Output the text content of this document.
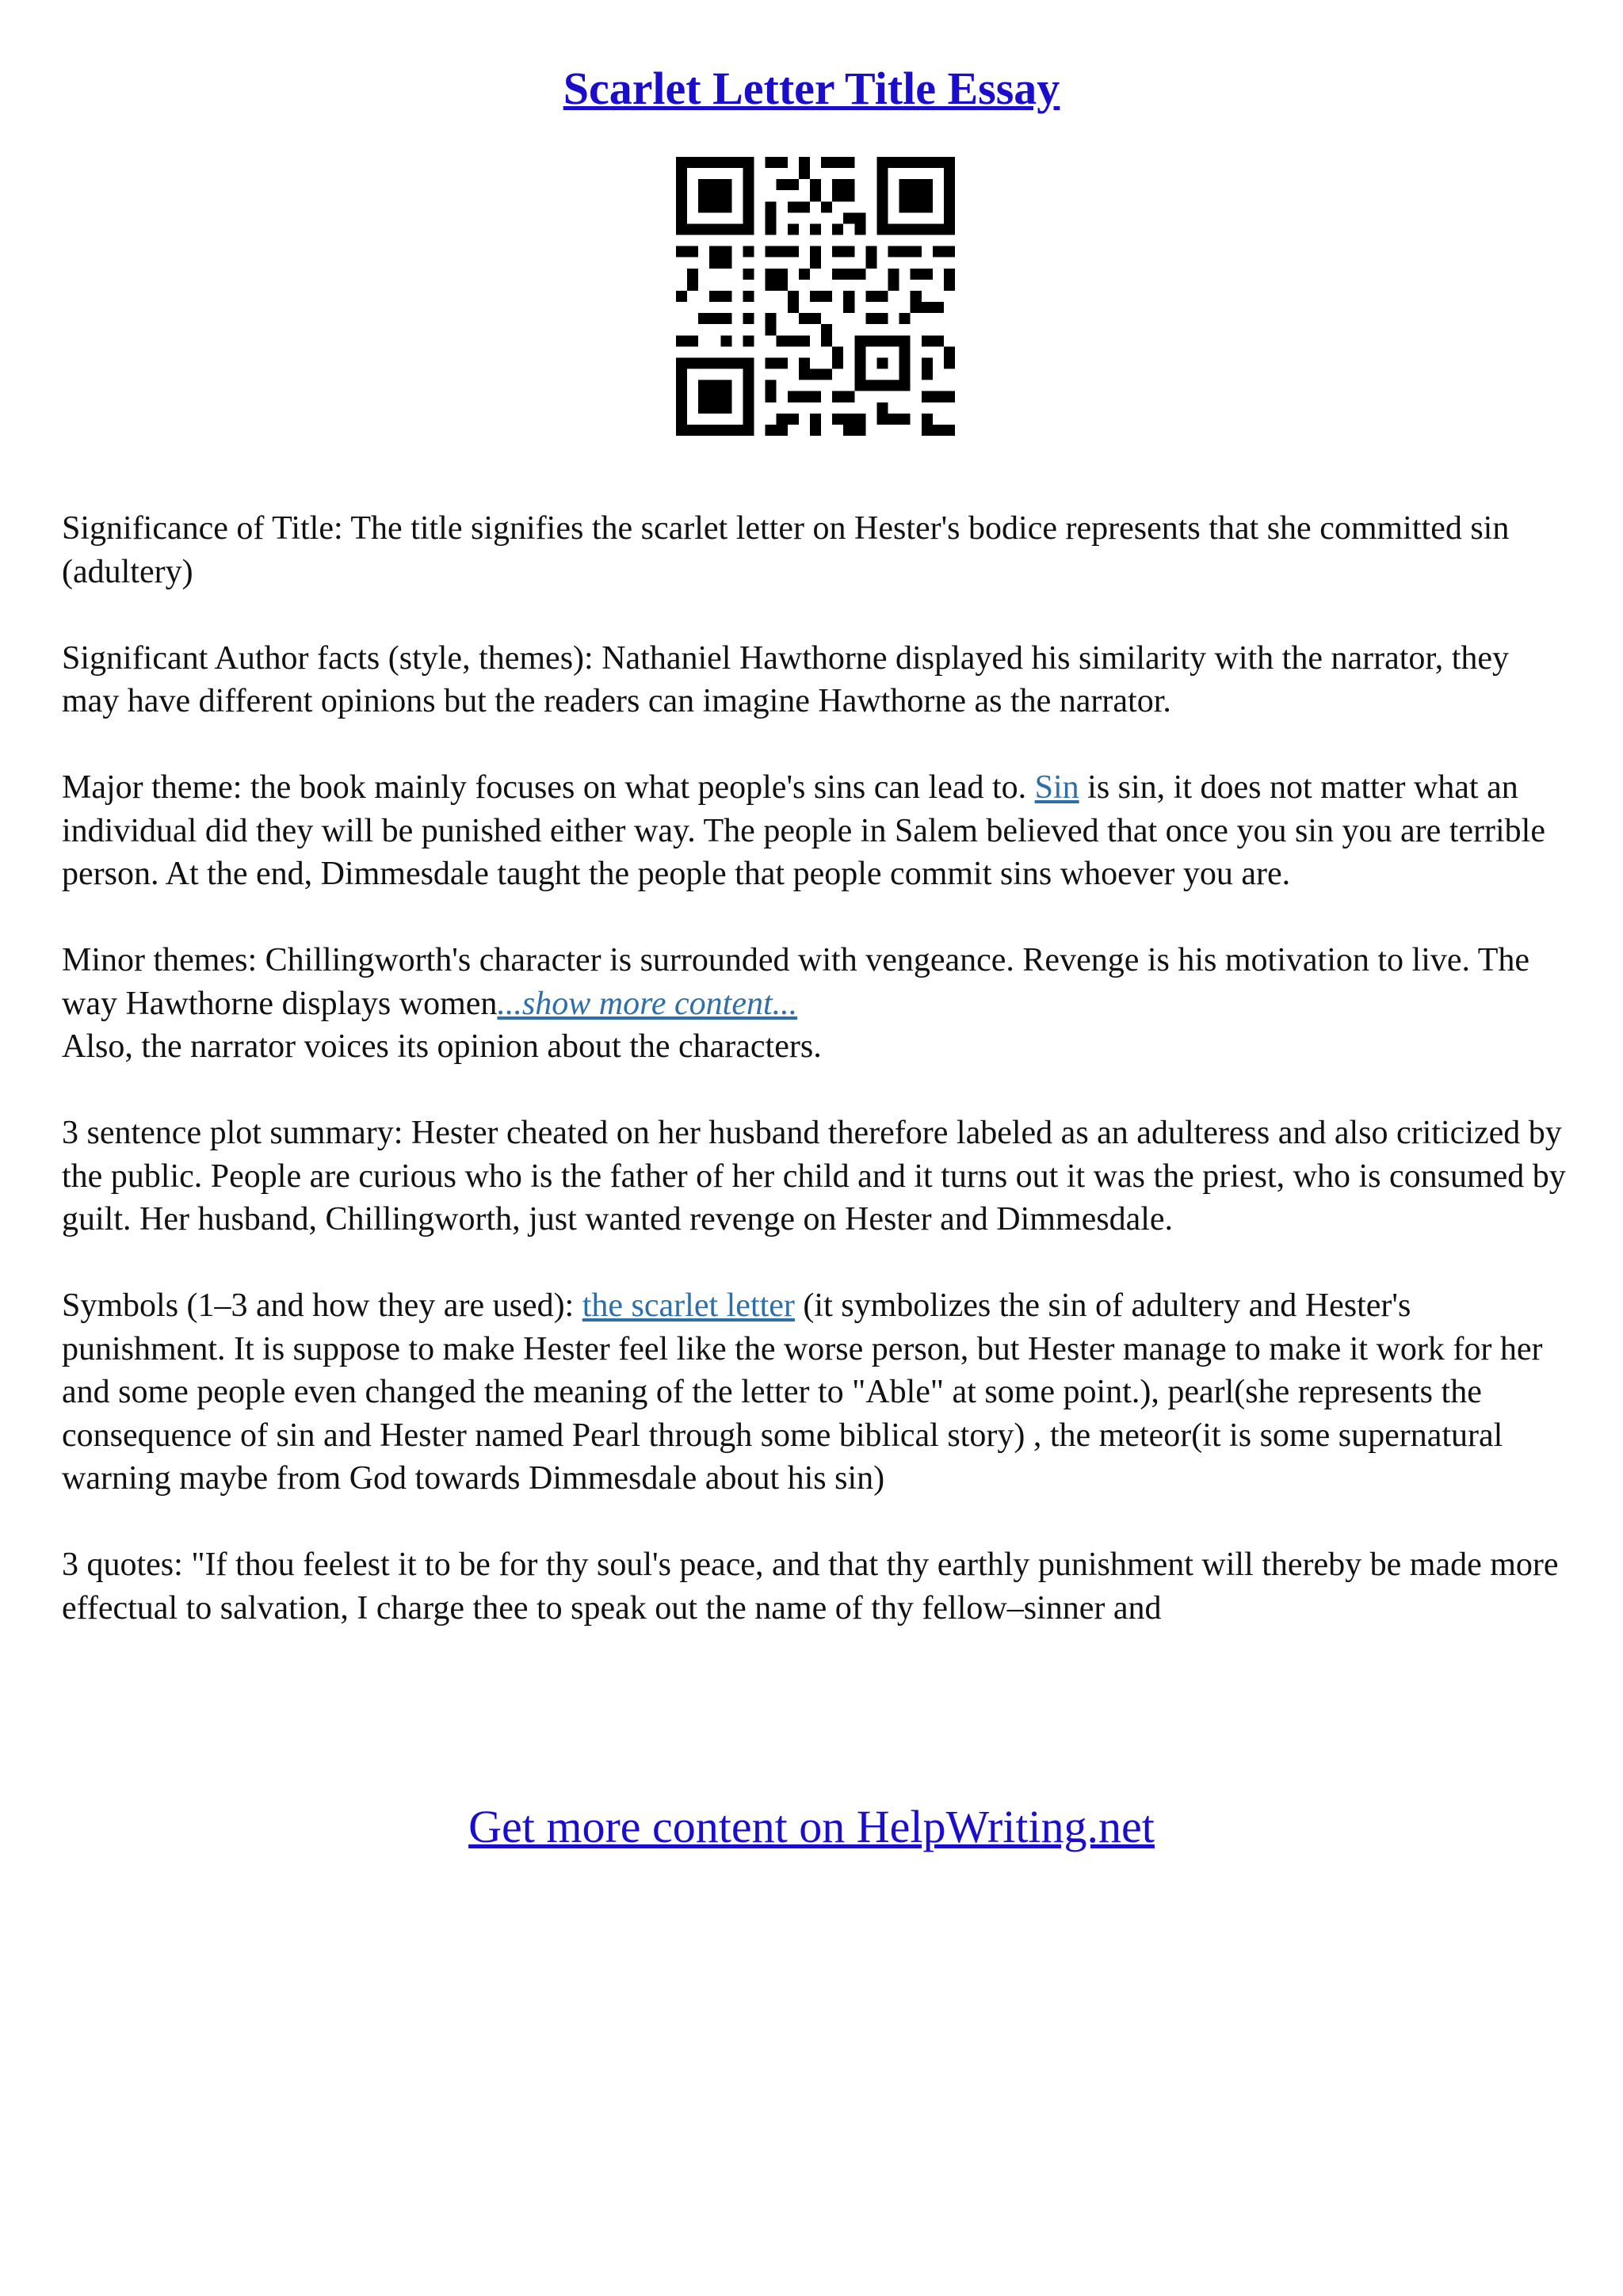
Scarlet Letter Title Essay

Significance of Title: The title signifies the scarlet letter on Hester's bodice represents that she committed sin (adultery)

Significant Author facts (style, themes): Nathaniel Hawthorne displayed his similarity with the narrator, they may have different opinions but the readers can imagine Hawthorne as the narrator.

Major theme: the book mainly focuses on what people's sins can lead to. Sin is sin, it does not matter what an individual did they will be punished either way. The people in Salem believed that once you sin you are terrible person. At the end, Dimmesdale taught the people that people commit sins whoever you are.

Minor themes: Chillingworth's character is surrounded with vengeance. Revenge is his motivation to live. The way Hawthorne displays women...show more content...
Also, the narrator voices its opinion about the characters.

3 sentence plot summary: Hester cheated on her husband therefore labeled as an adulteress and also criticized by the public. People are curious who is the father of her child and it turns out it was the priest, who is consumed by guilt. Her husband, Chillingworth, just wanted revenge on Hester and Dimmesdale.

Symbols (1–3 and how they are used): the scarlet letter (it symbolizes the sin of adultery and Hester's punishment. It is suppose to make Hester feel like the worse person, but Hester manage to make it work for her and some people even changed the meaning of the letter to "Able" at some point.), pearl(she represents the consequence of sin and Hester named Pearl through some biblical story) , the meteor(it is some supernatural warning maybe from God towards Dimmesdale about his sin)

3 quotes: "If thou feelest it to be for thy soul's peace, and that thy earthly punishment will thereby be made more effectual to salvation, I charge thee to speak out the name of thy fellow–sinner and

Get more content on HelpWriting.net
